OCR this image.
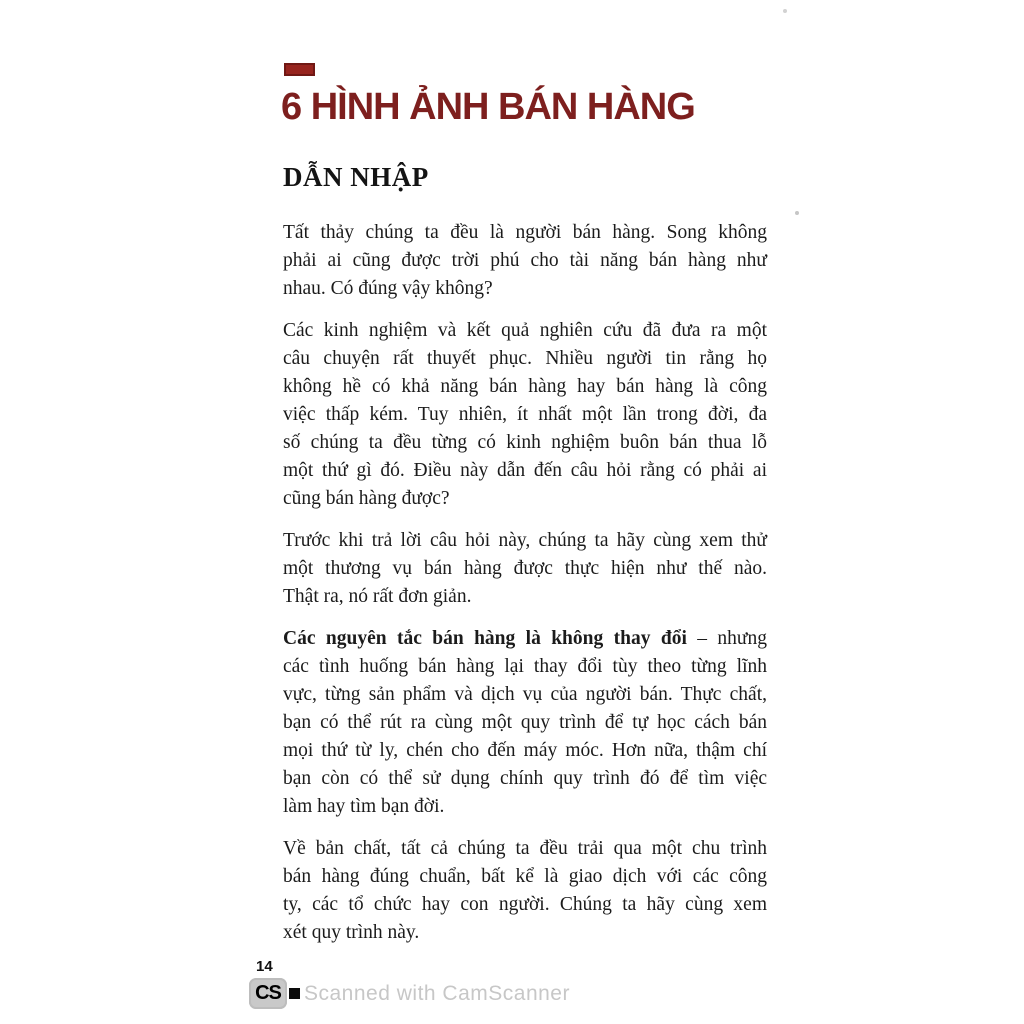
6 HÌNH ẢNH BÁN HÀNG
DẪN NHẬP

Tất thảy chúng ta đều là người bán hàng. Song không
phải ai cũng được trời phú cho tài năng bán hàng như
nhau. Có đúng vậy không?

Các kinh nghiệm và kết quả nghiên cứu đã đưa ra một
câu chuyện rất thuyết phục. Nhiều người tin rằng họ
không hề có khả năng bán hàng hay bán hàng là công
việc thấp kém. Tuy nhiên, ít nhất một lần trong đời, đa
số chúng ta đều từng có kinh nghiệm buôn bán thua lỗ
một thứ gì đó. Điều này dẫn đến câu hỏi rằng có phải ai
cũng bán hàng được?

Trước khi trả lời câu hỏi này, chúng ta hãy cùng xem thử
một thương vụ bán hàng được thực hiện như thế nào.
Thật ra, nó rất đơn giản.

Các nguyên tắc bán hàng là không thay đổi – nhưng
các tình huống bán hàng lại thay đổi tùy theo từng lĩnh
vực, từng sản phẩm và dịch vụ của người bán. Thực chất,
bạn có thể rút ra cùng một quy trình để tự học cách bán
mọi thứ từ ly, chén cho đến máy móc. Hơn nữa, thậm chí
bạn còn có thể sử dụng chính quy trình đó để tìm việc
làm hay tìm bạn đời.

Về bản chất, tất cả chúng ta đều trải qua một chu trình
bán hàng đúng chuẩn, bất kể là giao dịch với các công
ty, các tổ chức hay con người. Chúng ta hãy cùng xem
xét quy trình này.

14
CS Scanned with CamScanner
